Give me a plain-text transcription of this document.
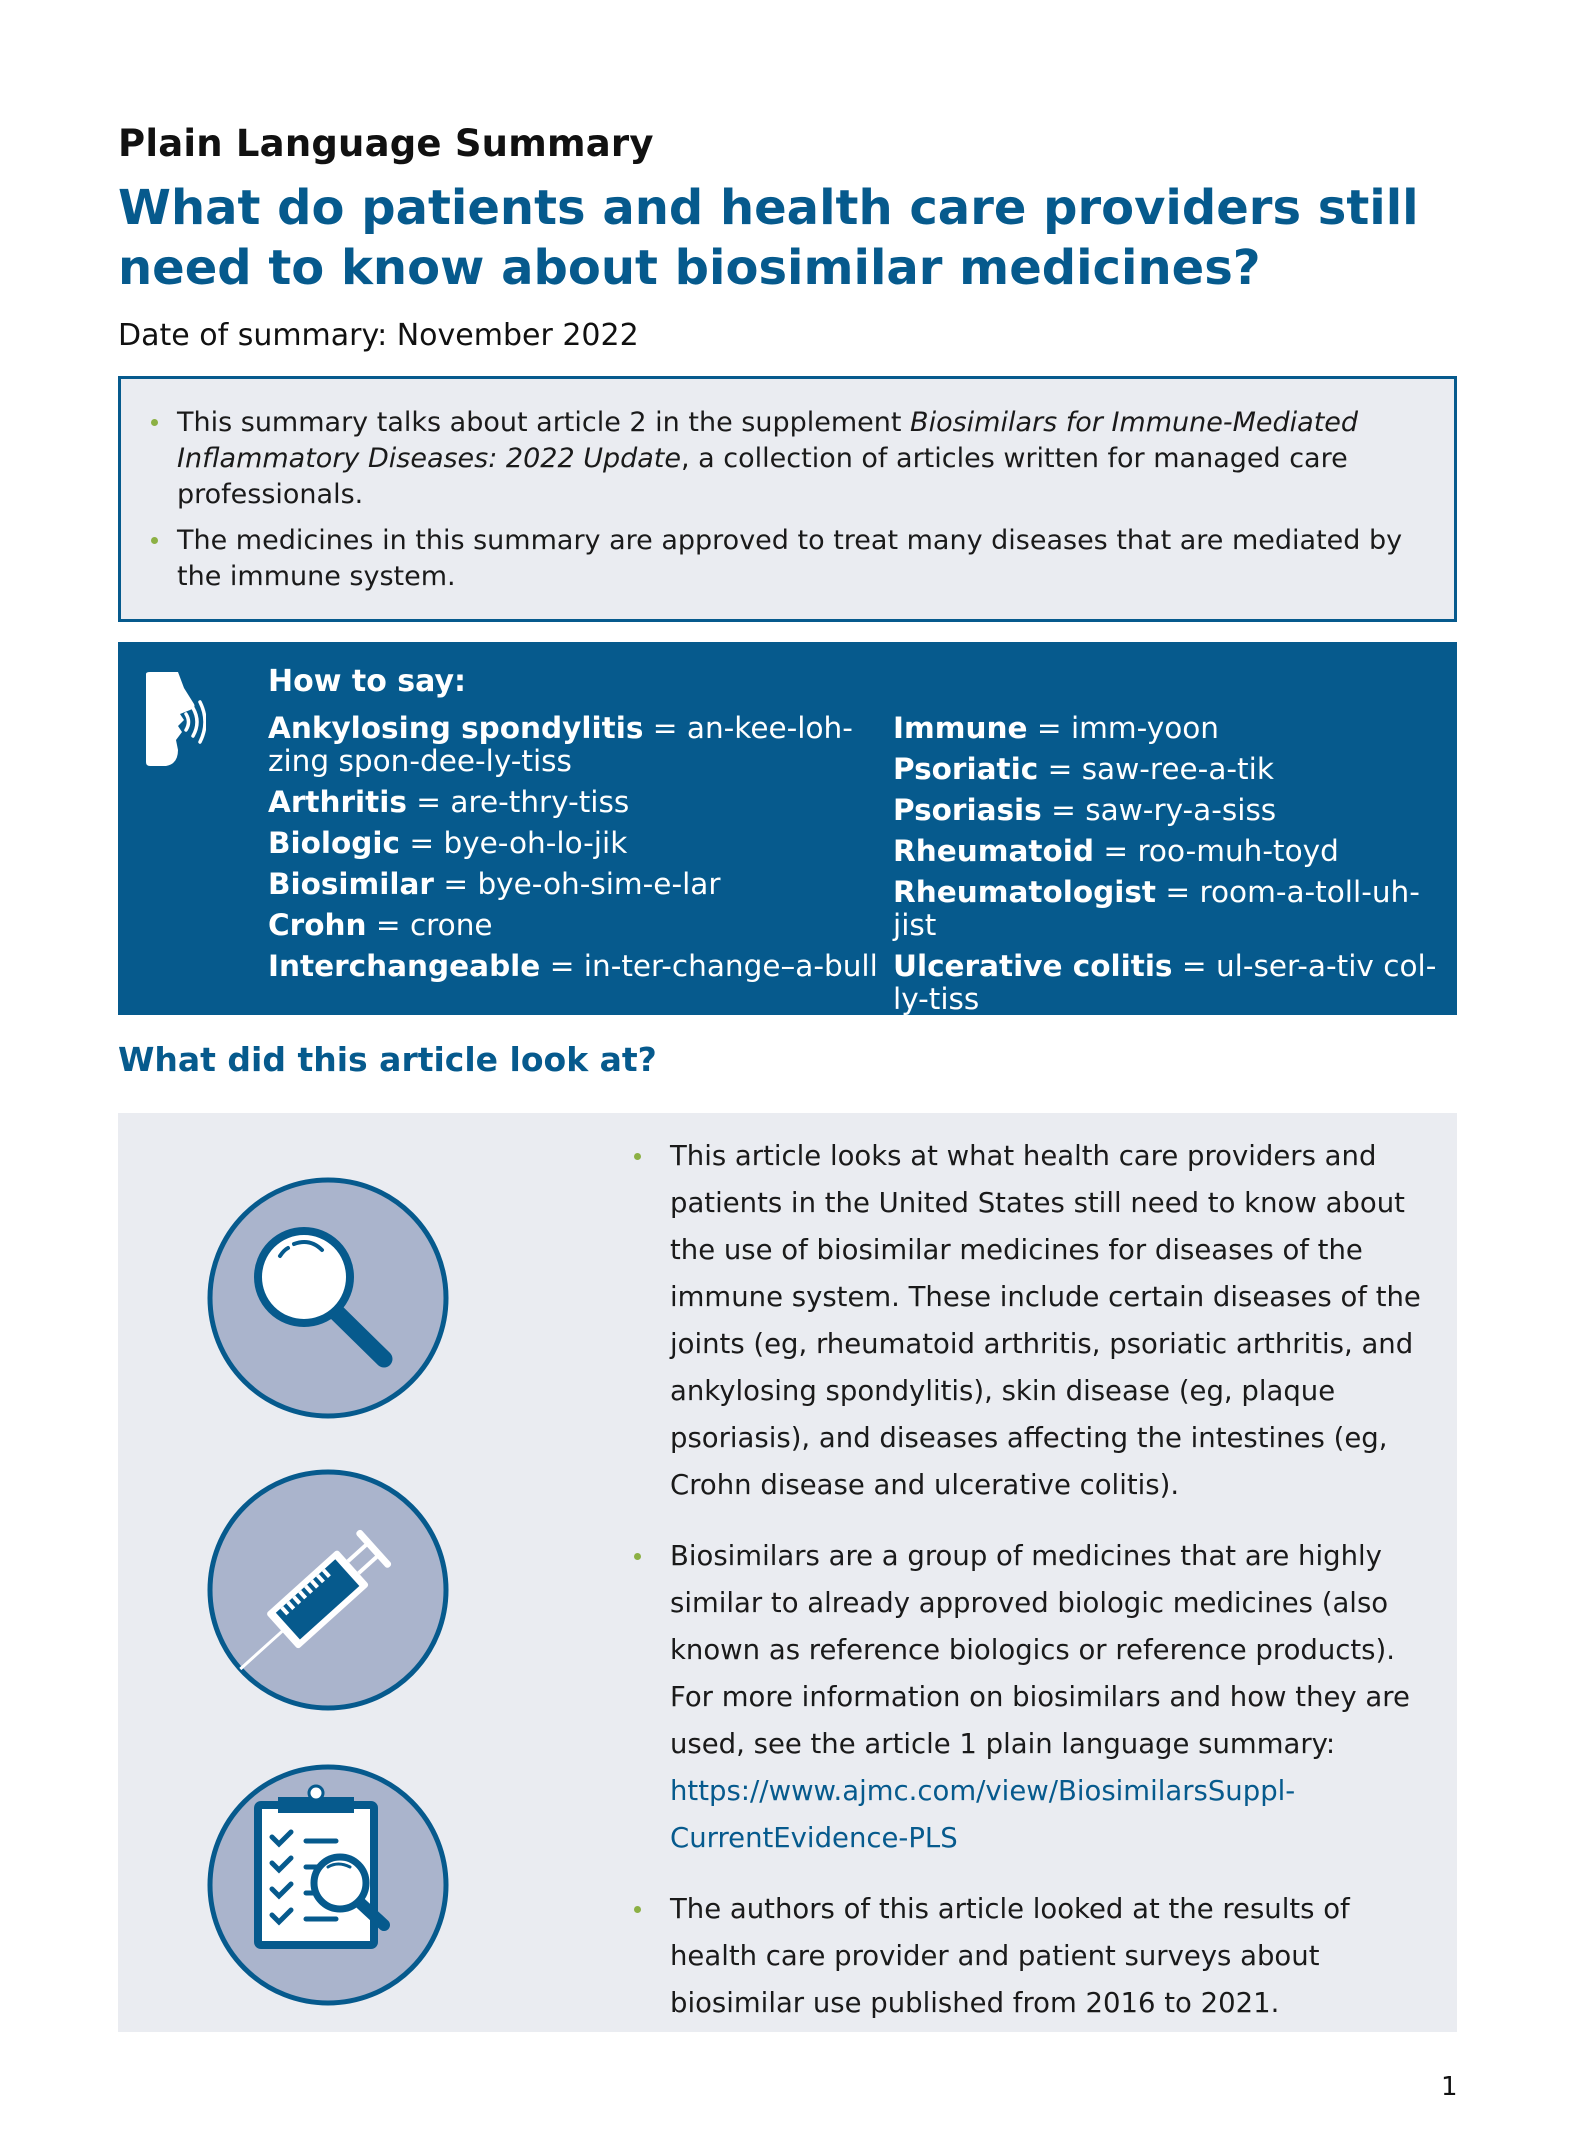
Plain Language Summary
What do patients and health care providers still need to know about biosimilar medicines?
Date of summary: November 2022
This summary talks about article 2 in the supplement Biosimilars for Immune-Mediated Inflammatory Diseases: 2022 Update, a collection of articles written for managed care professionals.
The medicines in this summary are approved to treat many diseases that are mediated by the immune system.
How to say:
Ankylosing spondylitis = an-kee-loh-zing spon-dee-ly-tiss
Arthritis = are-thry-tiss
Biologic = bye-oh-lo-jik
Biosimilar = bye-oh-sim-e-lar
Crohn = crone
Interchangeable = in-ter-change–a-bull
Immune = imm-yoon
Psoriatic = saw-ree-a-tik
Psoriasis = saw-ry-a-siss
Rheumatoid = roo-muh-toyd
Rheumatologist = room-a-toll-uh-jist
Ulcerative colitis = ul-ser-a-tiv col-ly-tiss
What did this article look at?
This article looks at what health care providers and patients in the United States still need to know about the use of biosimilar medicines for diseases of the immune system. These include certain diseases of the joints (eg, rheumatoid arthritis, psoriatic arthritis, and ankylosing spondylitis), skin disease (eg, plaque psoriasis), and diseases affecting the intestines (eg, Crohn disease and ulcerative colitis).
Biosimilars are a group of medicines that are highly similar to already approved biologic medicines (also known as reference biologics or reference products). For more information on biosimilars and how they are used, see the article 1 plain language summary: https://www.ajmc.com/view/BiosimilarsSuppl-CurrentEvidence-PLS
The authors of this article looked at the results of health care provider and patient surveys about biosimilar use published from 2016 to 2021.
1
